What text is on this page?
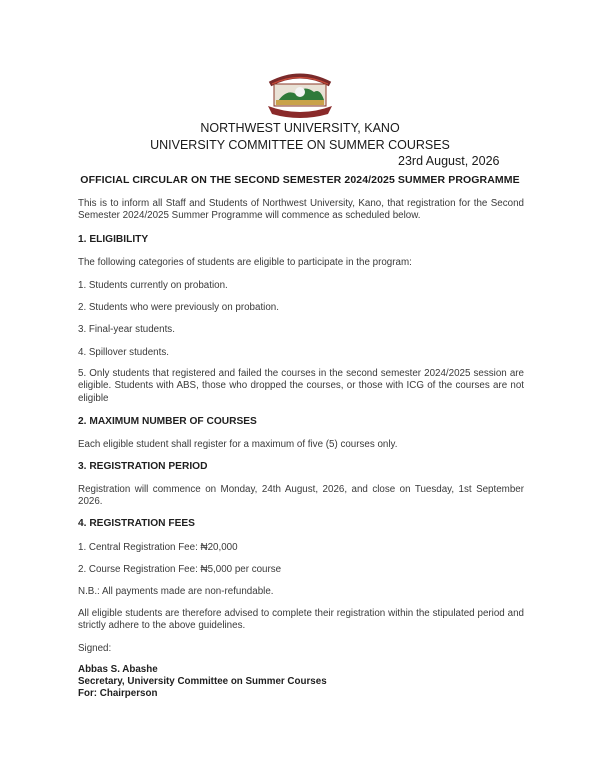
NORTHWEST UNIVERSITY, KANO
UNIVERSITY COMMITTEE ON SUMMER COURSES
23rd August, 2026
OFFICIAL CIRCULAR ON THE SECOND SEMESTER 2024/2025 SUMMER PROGRAMME
This is to inform all Staff and Students of Northwest University, Kano, that registration for the Second Semester 2024/2025 Summer Programme will commence as scheduled below.
1. ELIGIBILITY
The following categories of students are eligible to participate in the program:
1. Students currently on probation.
2. Students who were previously on probation.
3. Final-year students.
4. Spillover students.
5. Only students that registered and failed the courses in the second semester 2024/2025 session are eligible. Students with ABS, those who dropped the courses, or those with ICG of the courses are not eligible
2. MAXIMUM NUMBER OF COURSES
Each eligible student shall register for a maximum of five (5) courses only.
3. REGISTRATION PERIOD
Registration will commence on Monday, 24th August, 2026, and close on Tuesday, 1st September 2026.
4. REGISTRATION FEES
1. Central Registration Fee: ₦20,000
2. Course Registration Fee: ₦5,000 per course
N.B.: All payments made are non-refundable.
All eligible students are therefore advised to complete their registration within the stipulated period and strictly adhere to the above guidelines.
Signed:
Abbas S. Abashe
Secretary, University Committee on Summer Courses
For: Chairperson
